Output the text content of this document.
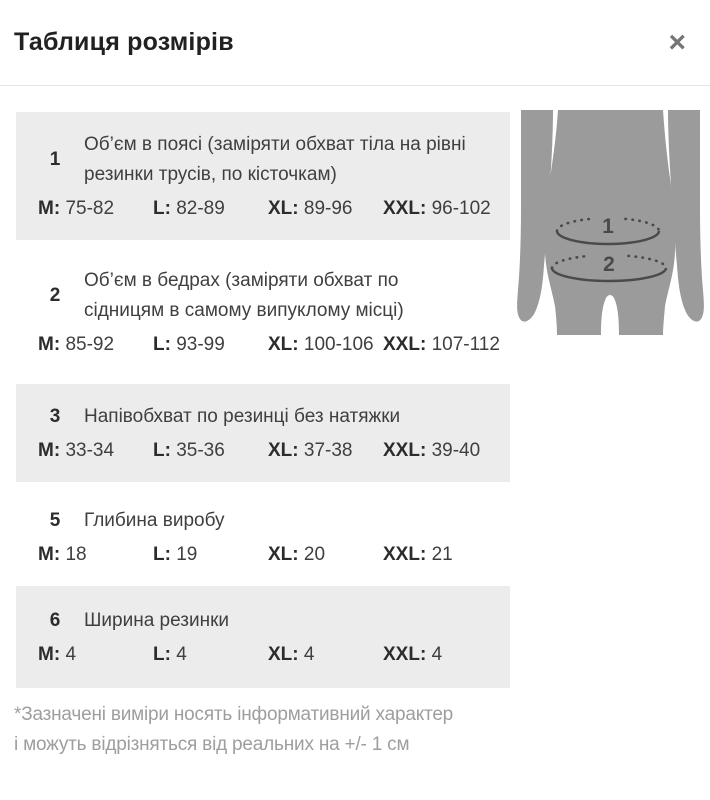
Таблиця розмірів	×
1
Об’єм в поясі (заміряти обхват тіла на рівні
резинки трусів, по кісточкам)
M: 75-82	L: 82-89	XL: 89-96	XXL: 96-102
2
Об’єм в бедрах (заміряти обхват по
сідницям в самому випуклому місці)
M: 85-92	L: 93-99	XL: 100-106 XXL: 107-112
3	Напівобхват по резинці без натяжки
M: 33-34	L: 35-36	XL: 37-38	XXL: 39-40
5	Глибина виробу
M: 18	L: 19	XL: 20	XXL: 21
6	Ширина резинки
M: 4	L: 4	XL: 4	XXL: 4
*Зазначені виміри носять інформативний характер
і можуть відрізняться від реальних на +/- 1 см
1
2
